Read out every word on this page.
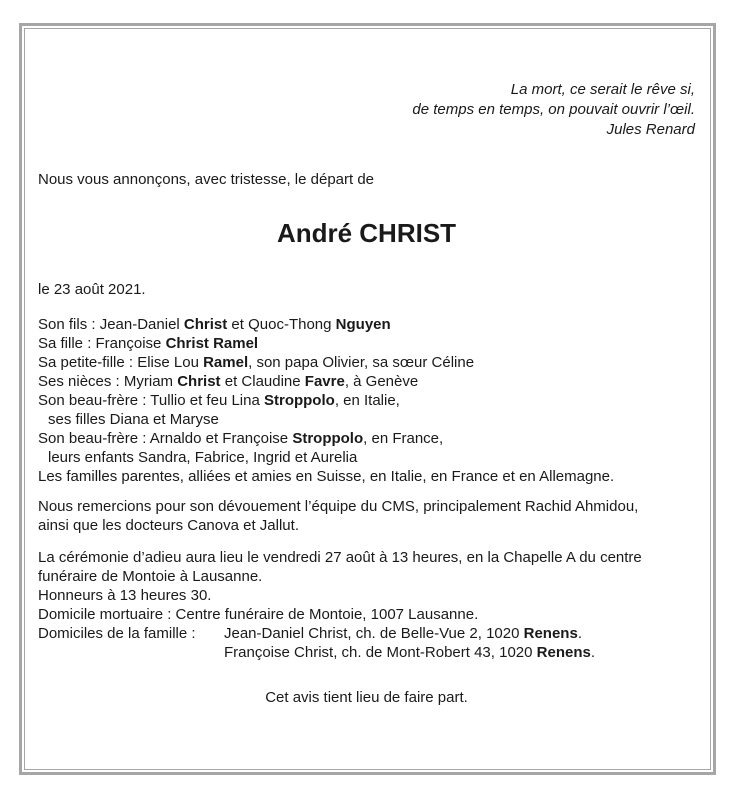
La mort, ce serait le rêve si,
de temps en temps, on pouvait ouvrir l’œil.
Jules Renard

Nous vous annonçons, avec tristesse, le départ de

André CHRIST

le 23 août 2021.

Son fils : Jean-Daniel Christ et Quoc-Thong Nguyen
Sa fille : Françoise Christ Ramel
Sa petite-fille : Elise Lou Ramel, son papa Olivier, sa sœur Céline
Ses nièces : Myriam Christ et Claudine Favre, à Genève
Son beau-frère : Tullio et feu Lina Stroppolo, en Italie,
ses filles Diana et Maryse
Son beau-frère : Arnaldo et Françoise Stroppolo, en France,
leurs enfants Sandra, Fabrice, Ingrid et Aurelia
Les familles parentes, alliées et amies en Suisse, en Italie, en France et en Allemagne.
Nous remercions pour son dévouement l’équipe du CMS, principalement Rachid Ahmidou,
ainsi que les docteurs Canova et Jallut.
La cérémonie d’adieu aura lieu le vendredi 27 août à 13 heures, en la Chapelle A du centre
funéraire de Montoie à Lausanne.
Honneurs à 13 heures 30.
Domicile mortuaire : Centre funéraire de Montoie, 1007 Lausanne.
Domiciles de la famille :	Jean-Daniel Christ, ch. de Belle-Vue 2, 1020 Renens.
Françoise Christ, ch. de Mont-Robert 43, 1020 Renens.

Cet avis tient lieu de faire part.
